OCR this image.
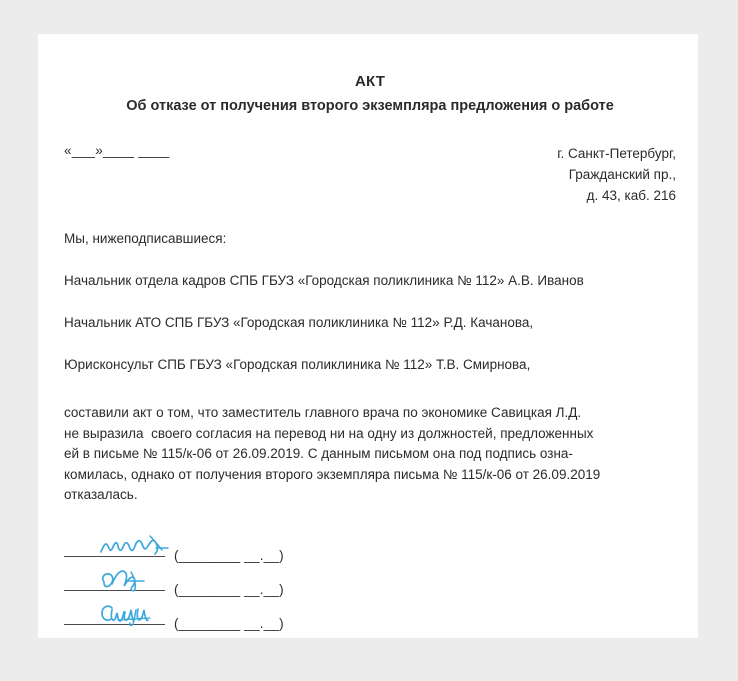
АКТ
Об отказе от получения второго экземпляра предложения о работе
«___»____ ____	г. Санкт-Петербург,
Гражданский пр.,
д. 43, каб. 216
Мы, нижеподписавшиеся:
Начальник отдела кадров СПБ ГБУЗ «Городская поликлиника № 112» А.В. Иванов
Начальник АТО СПБ ГБУЗ «Городская поликлиника № 112» Р.Д. Качанова,
Юрисконсульт СПБ ГБУЗ «Городская поликлиника № 112» Т.В. Смирнова,
составили акт о том, что заместитель главного врача по экономике Савицкая Л.Д.
не выразила  своего согласия на перевод ни на одну из должностей, предложенных
ей в письме № 115/к-06 от 26.09.2019. С данным письмом она под подпись озна-
комилась, однако от получения второго экземпляра письма № 115/к-06 от 26.09.2019
отказалась.
(________ __.__)
(________ __.__)
(________ __.__)
